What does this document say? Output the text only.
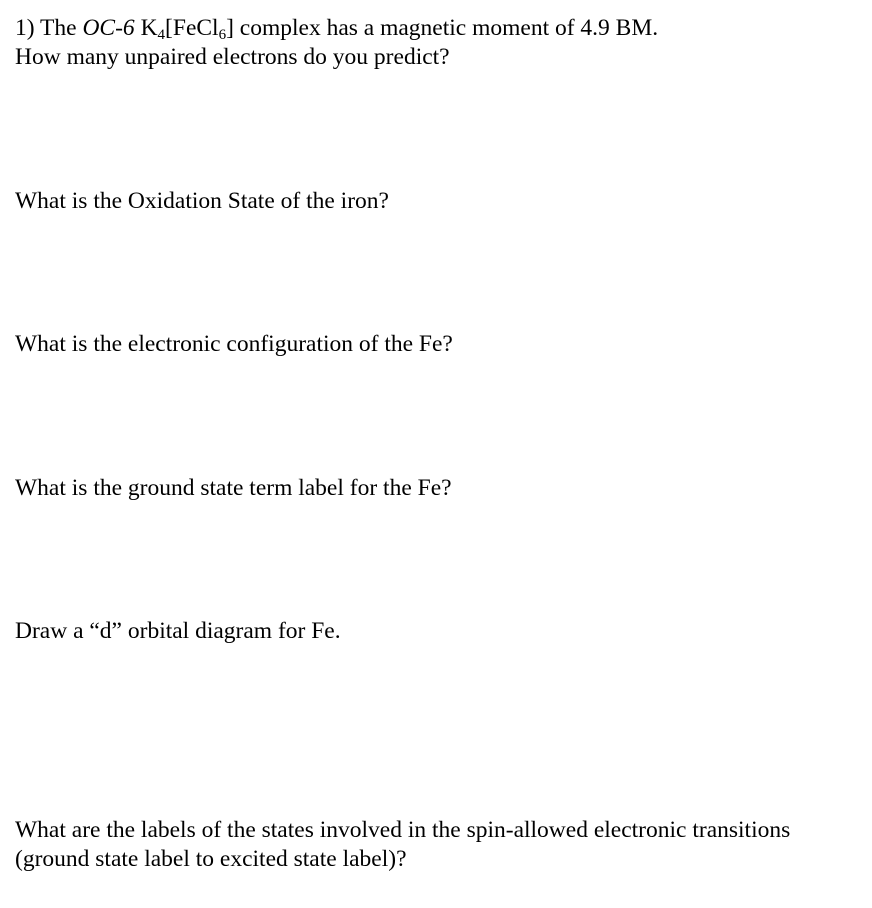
1) The OC-6 $K_4[FeCl_6]$ complex has a magnetic moment of 4.9 BM.
How many unpaired electrons do you predict?
What is the Oxidation State of the iron?
What is the electronic configuration of the Fe?
What is the ground state term label for the Fe?
Draw a “d” orbital diagram for Fe.
What are the labels of the states involved in the spin-allowed electronic transitions
(ground state label to excited state label)?
